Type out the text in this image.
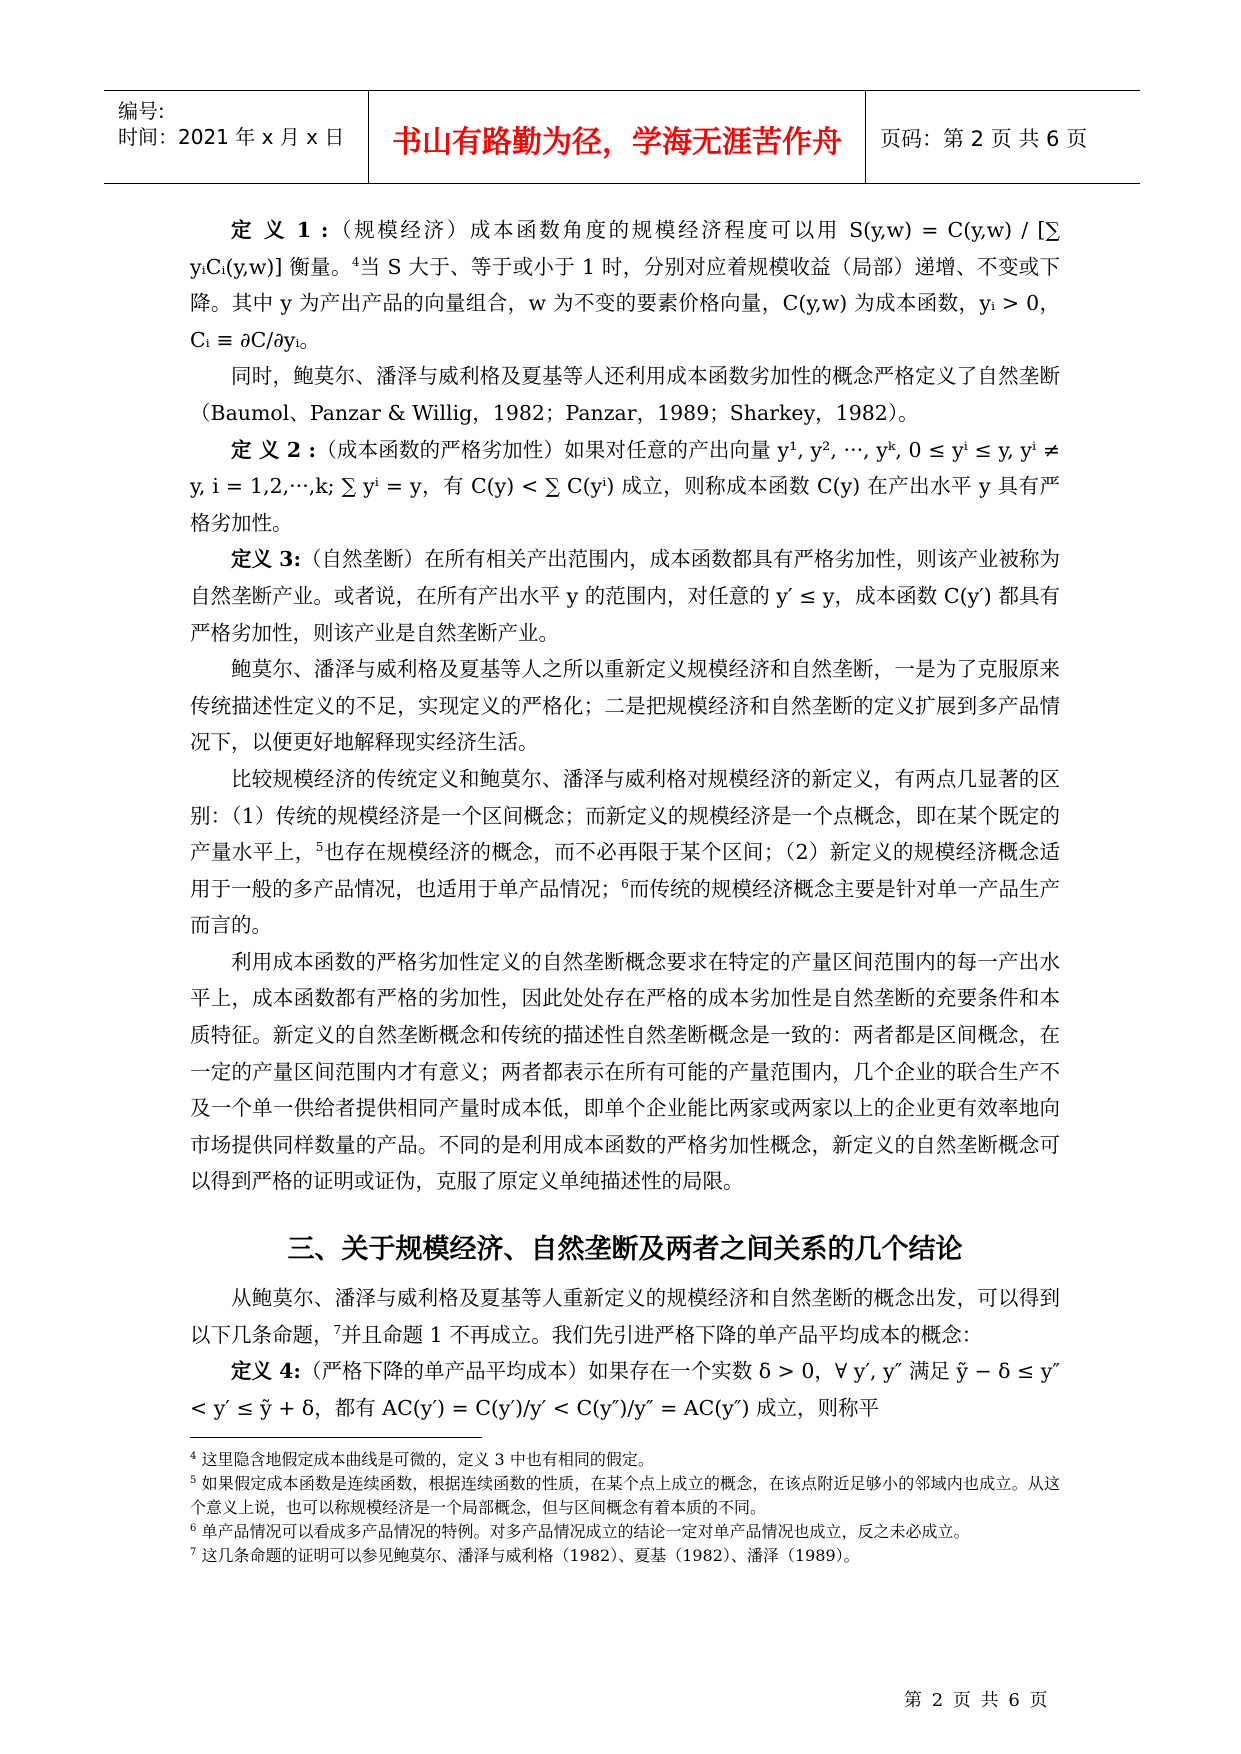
编号:
时间：2021 年 x 月 x 日	书山有路勤为径，学海无涯苦作舟	页码：第 2 页 共 6 页

定 义 1 :（规模经济）成本函数角度的规模经济程度可以用 S(y,w) = C(y,w) / [∑ yᵢCᵢ(y,w)] 衡量。$^4$当 S 大于、等于或小于 1 时，分别对应着规模收益（局部）递增、不变或下降。其中 y 为产出产品的向量组合，w 为不变的要素价格向量，C(y,w) 为成本函数，yᵢ > 0，Cᵢ ≡ ∂C/∂yᵢ。

同时，鲍莫尔、潘泽与威利格及夏基等人还利用成本函数劣加性的概念严格定义了自然垄断（Baumol、Panzar & Willig，1982；Panzar，1989；Sharkey，1982）。

定 义 2 :（成本函数的严格劣加性）如果对任意的产出向量 y¹, y², ···, yᵏ, 0 ≤ yⁱ ≤ y, yⁱ ≠ y, i = 1,2,···,k; ∑ yⁱ = y，有 C(y) < ∑ C(yⁱ) 成立，则称成本函数 C(y) 在产出水平 y 具有严格劣加性。

定义 3:（自然垄断）在所有相关产出范围内，成本函数都具有严格劣加性，则该产业被称为自然垄断产业。或者说，在所有产出水平 y 的范围内，对任意的 y′ ≤ y，成本函数 C(y′) 都具有严格劣加性，则该产业是自然垄断产业。

鲍莫尔、潘泽与威利格及夏基等人之所以重新定义规模经济和自然垄断，一是为了克服原来传统描述性定义的不足，实现定义的严格化；二是把规模经济和自然垄断的定义扩展到多产品情况下，以便更好地解释现实经济生活。

比较规模经济的传统定义和鲍莫尔、潘泽与威利格对规模经济的新定义，有两点几显著的区别：（1）传统的规模经济是一个区间概念；而新定义的规模经济是一个点概念，即在某个既定的产量水平上，$^5$也存在规模经济的概念，而不必再限于某个区间；（2）新定义的规模经济概念适用于一般的多产品情况，也适用于单产品情况；$^6$而传统的规模经济概念主要是针对单一产品生产而言的。

利用成本函数的严格劣加性定义的自然垄断概念要求在特定的产量区间范围内的每一产出水平上，成本函数都有严格的劣加性，因此处处存在严格的成本劣加性是自然垄断的充要条件和本质特征。新定义的自然垄断概念和传统的描述性自然垄断概念是一致的：两者都是区间概念，在一定的产量区间范围内才有意义；两者都表示在所有可能的产量范围内，几个企业的联合生产不及一个单一供给者提供相同产量时成本低，即单个企业能比两家或两家以上的企业更有效率地向市场提供同样数量的产品。不同的是利用成本函数的严格劣加性概念，新定义的自然垄断概念可以得到严格的证明或证伪，克服了原定义单纯描述性的局限。

三、关于规模经济、自然垄断及两者之间关系的几个结论

从鲍莫尔、潘泽与威利格及夏基等人重新定义的规模经济和自然垄断的概念出发，可以得到以下几条命题，$^7$并且命题 1 不再成立。我们先引进严格下降的单产品平均成本的概念：

定义 4:（严格下降的单产品平均成本）如果存在一个实数 δ > 0，∀ y′, y″ 满足 ỹ − δ ≤ y″ < y′ ≤ ỹ + δ，都有 AC(y′) = C(y′)/y′ < C(y″)/y″ = AC(y″) 成立，则称平

$^4$ 这里隐含地假定成本曲线是可微的，定义 3 中也有相同的假定。

$^5$ 如果假定成本函数是连续函数，根据连续函数的性质，在某个点上成立的概念，在该点附近足够小的邻域内也成立。从这个意义上说，也可以称规模经济是一个局部概念，但与区间概念有着本质的不同。

$^6$ 单产品情况可以看成多产品情况的特例。对多产品情况成立的结论一定对单产品情况也成立，反之未必成立。

$^7$ 这几条命题的证明可以参见鲍莫尔、潘泽与威利格（1982）、夏基（1982）、潘泽（1989）。

第 2 页 共 6 页
